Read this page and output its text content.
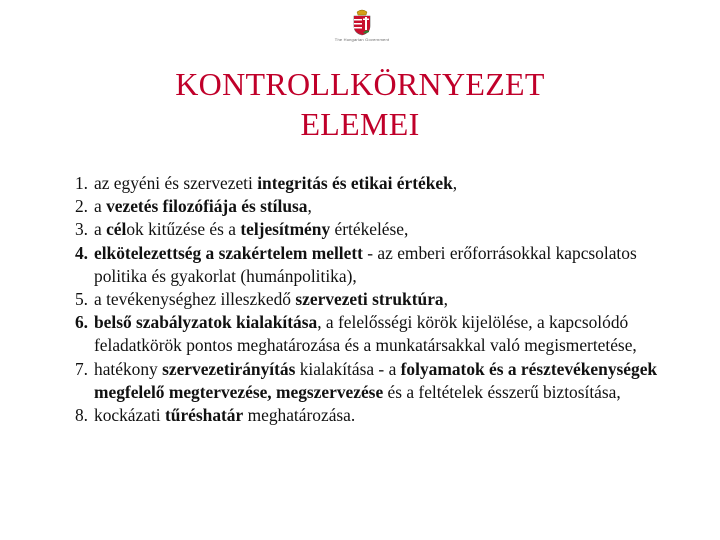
The Hungarian Government
KONTROLLKÖRNYEZET
ELEMEI
1. az egyéni és szervezeti integritás és etikai értékek,
2. a vezetés filozófiája és stílusa,
3. a célok kitűzése és a teljesítmény értékelése,
4. elkötelezettség a szakértelem mellett - az emberi erőforrásokkal kapcsolatos politika és gyakorlat (humánpolitika),
5. a tevékenységhez illeszkedő szervezeti struktúra,
6. belső szabályzatok kialakítása, a felelősségi körök kijelölése, a kapcsolódó feladatkörök pontos meghatározása és a munkatársakkal való megismertetése,
7. hatékony szervezetirányítás kialakítása - a folyamatok és a résztevékenységek megfelelő megtervezése, megszervezése és a feltételek ésszerű biztosítása,
8. kockázati tűréshatár meghatározása.
